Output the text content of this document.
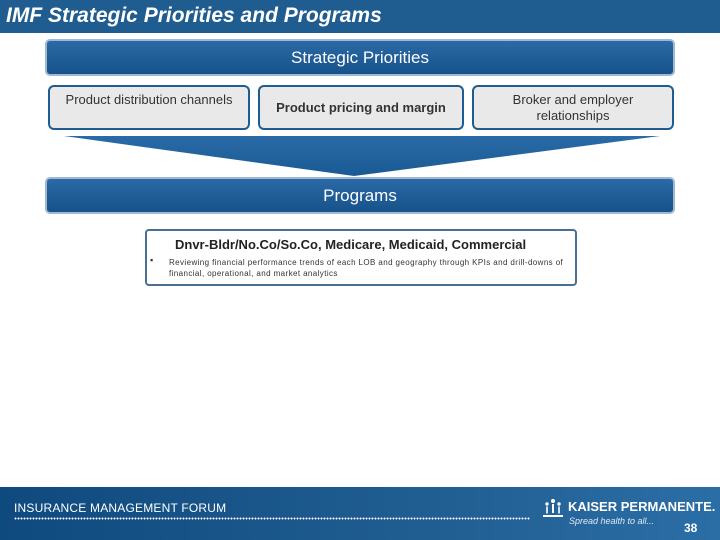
IMF Strategic Priorities and Programs
Strategic Priorities
Product distribution channels	Product pricing and margin	Broker and employer relationships
Programs
Dnvr-Bldr/No.Co/So.Co, Medicare, Medicaid, Commercial
▪ Reviewing financial performance trends of each LOB and geography through KPIs and drill-downs of financial, operational, and market analytics
INSURANCE MANAGEMENT FORUM	KAISER PERMANENTE.
Spread health to all... 38
